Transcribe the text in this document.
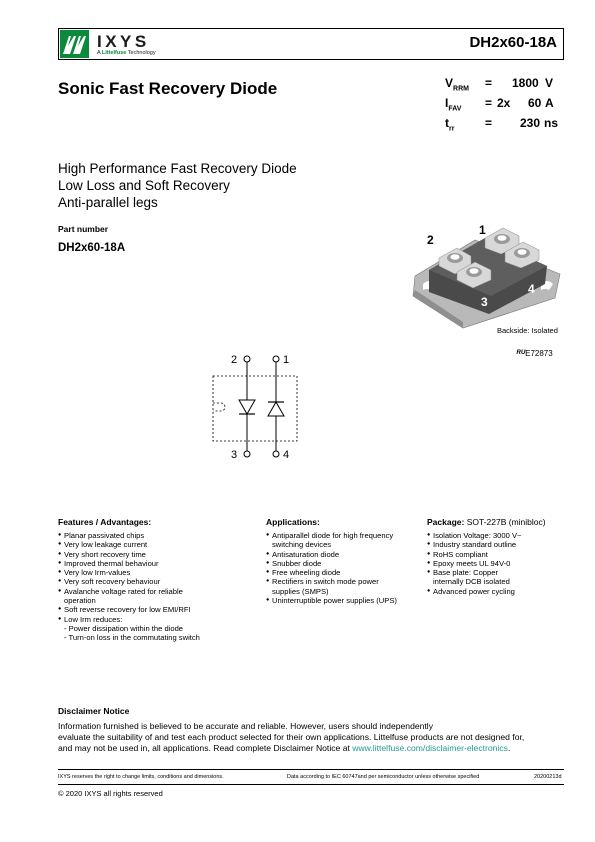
IXYS
A Littelfuse Technology
DH2x60-18A
Sonic Fast Recovery Diode	$V_{RRM} = 1800$ V
$I_{FAV} = 2x$ 60 A
$t_{rr}$	= 230 ns
High Performance Fast Recovery Diode
Low Loss and Soft Recovery
Anti-parallel legs
Part number
DH2x60-18A
2
1
3
4
Backside: Isolated
ᴿᵁE72873
2	1
3	4
Features / Advantages:
● Planar passivated chips
● Very low leakage current
● Very short recovery time
● Improved thermal behaviour
● Very low Irm-values
● Very soft recovery behaviour
● Avalanche voltage rated for reliable
operation
● Soft reverse recovery for low EMI/RFI
● Low Irm reduces:
- Power dissipation within the diode
- Turn-on loss in the commutating switch
Applications:
● Antiparallel diode for high frequency
switching devices
● Antisaturation diode
● Snubber diode
● Free wheeling diode
● Rectifiers in switch mode power
supplies (SMPS)
● Uninterruptible power supplies (UPS)
Package: SOT-227B (minibloc)
● Isolation Voltage: 3000 V~
● Industry standard outline
● RoHS compliant
● Epoxy meets UL 94V-0
● Base plate: Copper
internally DCB isolated
● Advanced power cycling
Disclaimer Notice
Information furnished is believed to be accurate and reliable. However, users should independently
evaluate the suitability of and test each product selected for their own applications. Littelfuse products are not designed for,
and may not be used in, all applications. Read complete Disclaimer Notice at www.littelfuse.com/disclaimer-electronics.
IXYS reserves the right to change limits, conditions and dimensions.	Data according to IEC 60747and per semiconductor unless otherwise specified	20200213d
© 2020 IXYS all rights reserved
